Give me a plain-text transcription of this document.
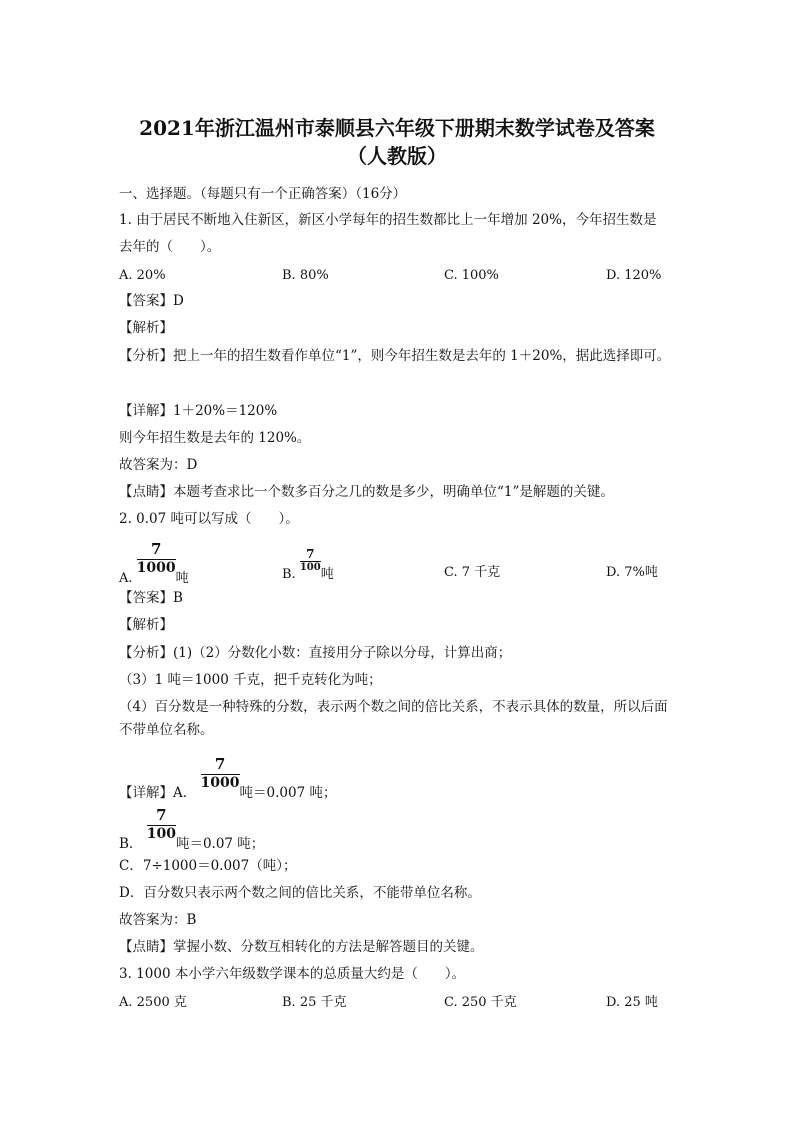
2021年浙江温州市泰顺县六年级下册期末数学试卷及答案
（人教版）
一、选择题。（每题只有一个正确答案）（16分）
1. 由于居民不断地入住新区，新区小学每年的招生数都比上一年增加 20%，今年招生数是
去年的（　　）。
A. 20%	B. 80%	C. 100%	D. 120%
【答案】D
【解析】
【分析】把上一年的招生数看作单位“1”，则今年招生数是去年的 1＋20%，据此选择即可。
【详解】1＋20%＝120%
则今年招生数是去年的 120%。
故答案为：D
【点睛】本题考查求比一个数多百分之几的数是多少，明确单位“1”是解题的关键。
2. 0.07 吨可以写成（　　）。
A.
$\frac{7}{1000}$
吨	B.
$\frac{7}{100}$
吨	C. 7 千克	D. 7%吨
【答案】B
【解析】
【分析】(1)（2）分数化小数：直接用分子除以分母，计算出商；
（3）1 吨＝1000 千克，把千克转化为吨；
（4）百分数是一种特殊的分数，表示两个数之间的倍比关系，不表示具体的数量，所以后面不带单位名称。
【详解】A．
$\frac{7}{1000}$
吨＝0.007 吨；
B．
$\frac{7}{100}$
吨＝0.07 吨；
C．7÷1000＝0.007（吨）；
D．百分数只表示两个数之间的倍比关系，不能带单位名称。
故答案为：B
【点睛】掌握小数、分数互相转化的方法是解答题目的关键。
3. 1000 本小学六年级数学课本的总质量大约是（　　）。
A. 2500 克	B. 25 千克	C. 250 千克	D. 25 吨
